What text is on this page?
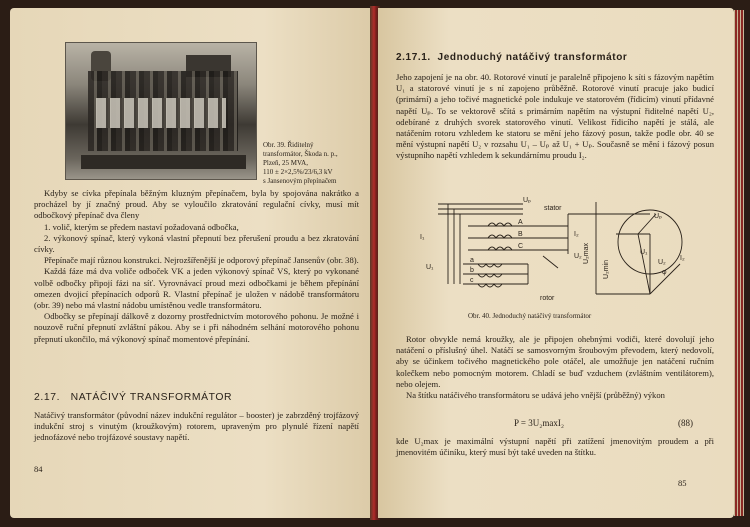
Obr. 39. Řiditelný
transformátor, Škoda n. p.,
Plzeň, 25 MVA,
110 ± 2×2,5%/23/6,3 kV
s Jansenovým přepínačem

Kdyby se cívka přepínala běžným kluzným přepínačem, byla by spojována nakrátko a procházel by jí značný proud. Aby se vyloučilo zkratování regulační cívky, musí mít odbočkový přepínač dva členy

1. volič, kterým se předem nastaví požadovaná odbočka,

2. výkonový spínač, který vykoná vlastní přepnutí bez přerušení proudu a bez zkratování cívky.

Přepínače mají různou konstrukci. Nejrozšířenější je odporový přepínač Jansenův (obr. 38).

Každá fáze má dva voliče odboček VK a jeden výkonový spínač VS, který po vykonané volbě odbočky připojí fázi na síť. Vyrovnávací proud mezi odbočkami je během přepínání omezen dvojicí přepínacích odporů R. Vlastní přepínač je uložen v nádobě transformátoru (obr. 39) nebo má vlastní nádobu umístěnou vedle transformátoru.

Odbočky se přepínají dálkově z dozorny prostřednictvím motorového pohonu. Je možné i nouzově ruční přepnutí zvláštní pákou. Aby se i při náhodném selhání motorového pohonu přepnutí ukončilo, má výkonový spínač momentové přepínání.

2.17. NATÁČIVÝ TRANSFORMÁTOR
Natáčivý transformátor (původní název indukční regulátor – booster) je zabrzděný trojfázový indukční stroj s vinutým (kroužkovým) rotorem, upraveným pro plynulé řízení napětí jednofázové nebo trojfázové soustavy napětí.
84
2.17.1. Jednoduchý natáčivý transformátor
Jeho zapojení je na obr. 40. Rotorové vinutí je paralelně připojeno k síti s fázovým napětím U₁ a statorové vinutí je s ní zapojeno průběžně. Rotorové vinutí pracuje jako budicí (primární) a jeho točivé magnetické pole indukuje ve statorovém (řídicím) vinutí přídavné napětí Uₚ. To se vektorově sčítá s primárním napětím na výstupní řiditelné napětí U₂, odebírané z druhých svorek statorového vinutí. Velikost řídicího napětí je stálá, ale natáčením rotoru vzhledem ke statoru se mění jeho fázový posun, takže podle obr. 40 se mění výstupní napětí U₂ v rozsahu U₁ – Uₚ až U₁ + Uₚ. Současně se mění i fázový posun výstupního napětí vzhledem k sekundárnímu proudu I₂.
I₁
U₁
Uₚ
stator
rotor
A
B
C
a
b
c
I₂
U₂ U₂max
U₂min
Uₚ
U₁
U₂
I₂
φ
Obr. 40. Jednoduchý natáčivý transformátor

Rotor obvykle nemá kroužky, ale je připojen ohebnými vodiči, které dovolují jeho natáčení o příslušný úhel. Natáčí se samosvorným šroubovým převodem, který nedovolí, aby se účinkem točivého magnetického pole otáčel, ale umožňuje jen natáčení ručním kolečkem nebo pomocným motorem. Chladí se buď vzduchem (zvláštním ventilátorem), nebo olejem.

Na štítku natáčivého transformátoru se udává jeho vnější (průběžný) výkon

P = 3U₂maxI₂	(88)
kde U₂max je maximální výstupní napětí při zatížení jmenovitým proudem a při jmenovitém účiníku, který musí být také uveden na štítku.
85
